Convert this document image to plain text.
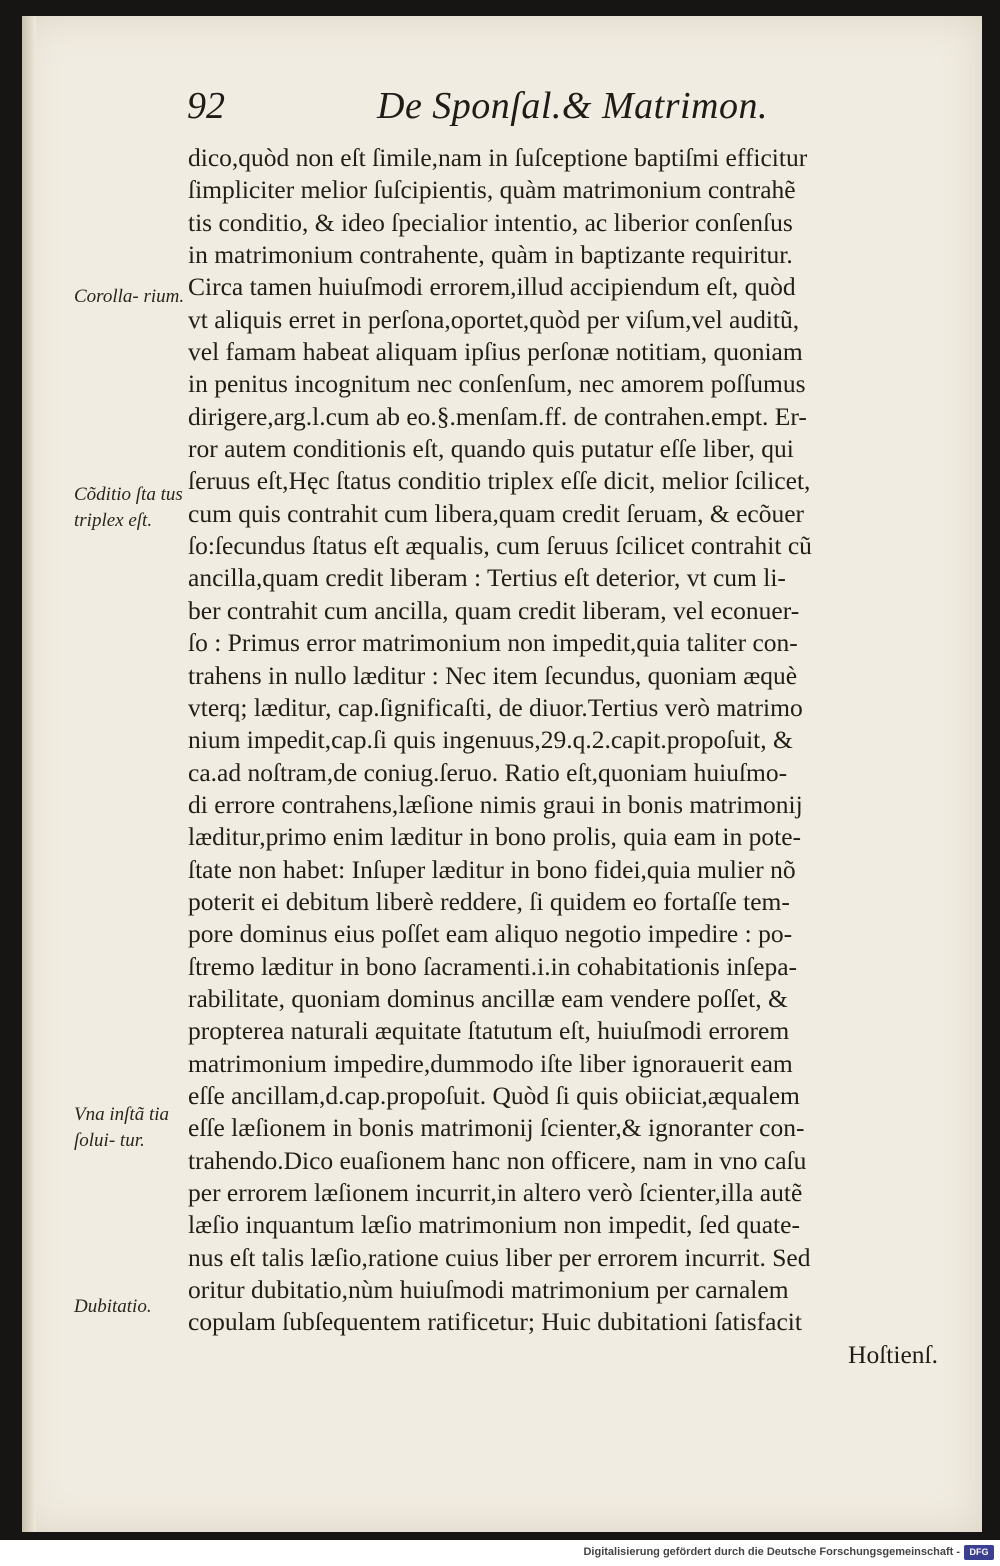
92	De Sponſal.& Matrimon.
Corolla- rium.
Cõditio ſta tus triplex eſt.
Vna inſtã tia ſolui- tur.
Dubitatio.
dico,quòd non eſt ſimile,nam in ſuſceptione baptiſmi efficitur
ſimpliciter melior ſuſcipientis, quàm matrimonium contrahẽ
tis conditio, & ideo ſpecialior intentio, ac liberior conſenſus
in matrimonium contrahente, quàm in baptizante requiritur.
Circa tamen huiuſmodi errorem,illud accipiendum eſt, quòd
vt aliquis erret in perſona,oportet,quòd per viſum,vel auditũ,
vel famam habeat aliquam ipſius perſonæ notitiam, quoniam
in penitus incognitum nec conſenſum, nec amorem poſſumus
dirigere,arg.l.cum ab eo.§.menſam.ff. de contrahen.empt. Er-
ror autem conditionis eſt, quando quis putatur eſſe liber, qui
ſeruus eſt,Hęc ſtatus conditio triplex eſſe dicit, melior ſcilicet,
cum quis contrahit cum libera,quam credit ſeruam, & ecõuer
ſo:ſecundus ſtatus eſt æqualis, cum ſeruus ſcilicet contrahit cũ
ancilla,quam credit liberam : Tertius eſt deterior, vt cum li-
ber contrahit cum ancilla, quam credit liberam, vel econuer-
ſo : Primus error matrimonium non impedit,quia taliter con-
trahens in nullo læditur : Nec item ſecundus, quoniam æquè
vterq; læditur, cap.ſignificaſti, de diuor.Tertius verò matrimo
nium impedit,cap.ſi quis ingenuus,29.q.2.capit.propoſuit, &
ca.ad noſtram,de coniug.ſeruo. Ratio eſt,quoniam huiuſmo-
di errore contrahens,læſione nimis graui in bonis matrimonij
læditur,primo enim læditur in bono prolis, quia eam in pote-
ſtate non habet: Inſuper læditur in bono fidei,quia mulier nõ
poterit ei debitum liberè reddere, ſi quidem eo fortaſſe tem-
pore dominus eius poſſet eam aliquo negotio impedire : po-
ſtremo læditur in bono ſacramenti.i.in cohabitationis inſepa-
rabilitate, quoniam dominus ancillæ eam vendere poſſet, &
propterea naturali æquitate ſtatutum eſt, huiuſmodi errorem
matrimonium impedire,dummodo iſte liber ignorauerit eam
eſſe ancillam,d.cap.propoſuit. Quòd ſi quis obiiciat,æqualem
eſſe læſionem in bonis matrimonij ſcienter,& ignoranter con-
trahendo.Dico euaſionem hanc non officere, nam in vno caſu
per errorem læſionem incurrit,in altero verò ſcienter,illa autẽ
læſio inquantum læſio matrimonium non impedit, ſed quate-
nus eſt talis læſio,ratione cuius liber per errorem incurrit. Sed
oritur dubitatio,nùm huiuſmodi matrimonium per carnalem
copulam ſubſequentem ratificetur; Huic dubitationi ſatisfacit
Hoſtienſ.
Digitalisierung gefördert durch die Deutsche Forschungsgemeinschaft -	DFG
